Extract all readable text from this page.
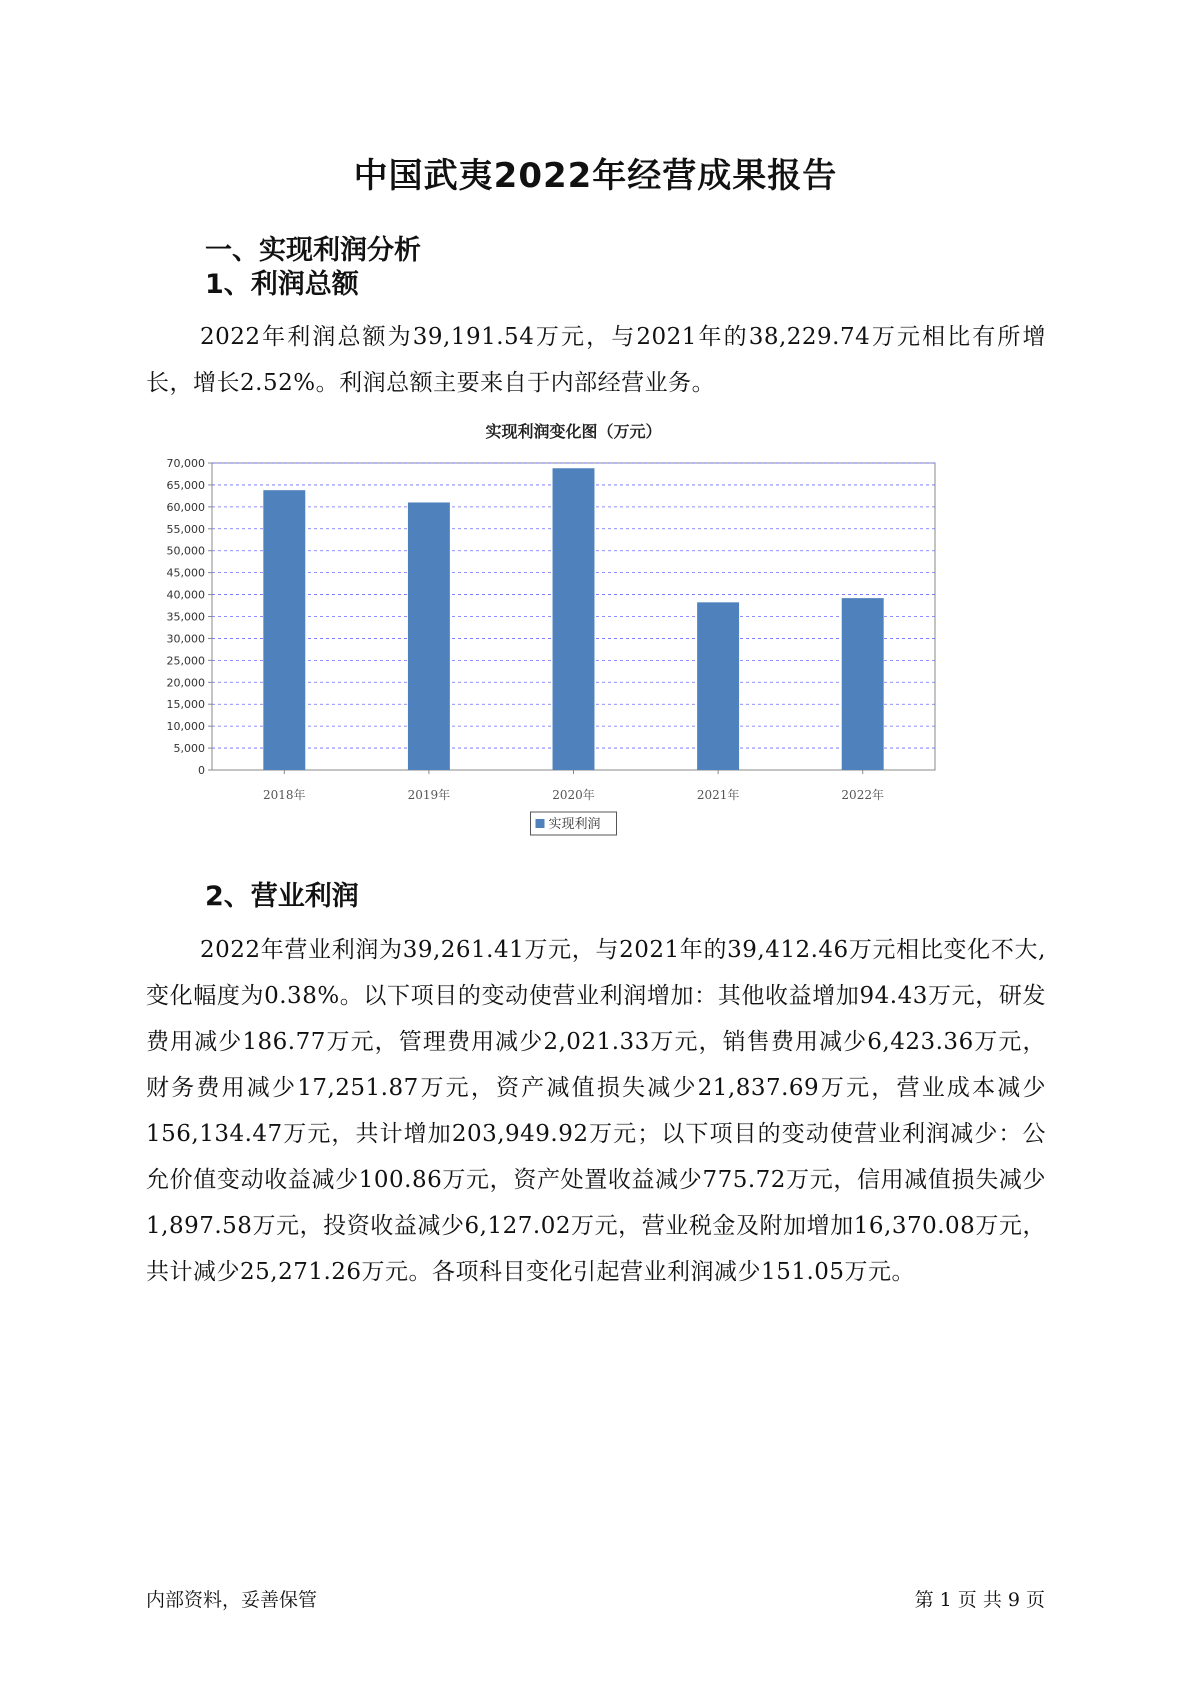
中国武夷2022年经营成果报告
一、实现利润分析
1、利润总额
2022年利润总额为39,191.54万元，与2021年的38,229.74万元相比有所增长，增长2.52%。利润总额主要来自于内部经营业务。
实现利润变化图（万元）
0
5,000
10,000
15,000
20,000
25,000
30,000
35,000
40,000
45,000
50,000
55,000
60,000
65,000
70,000
2018年	2019年	2020年	2021年	2022年
实现利润
2、营业利润
2022年营业利润为39,261.41万元，与2021年的39,412.46万元相比变化不大,变化幅度为0.38%。以下项目的变动使营业利润增加：其他收益增加94.43万元，研发费用减少186.77万元，管理费用减少2,021.33万元，销售费用减少6,423.36万元，财务费用减少17,251.87万元，资产减值损失减少21,837.69万元，营业成本减少156,134.47万元，共计增加203,949.92万元；以下项目的变动使营业利润减少：公允价值变动收益减少100.86万元，资产处置收益减少775.72万元，信用减值损失减少1,897.58万元，投资收益减少6,127.02万元，营业税金及附加增加16,370.08万元，共计减少25,271.26万元。各项科目变化引起营业利润减少151.05万元。
内部资料，妥善保管	第 1 页 共 9 页
